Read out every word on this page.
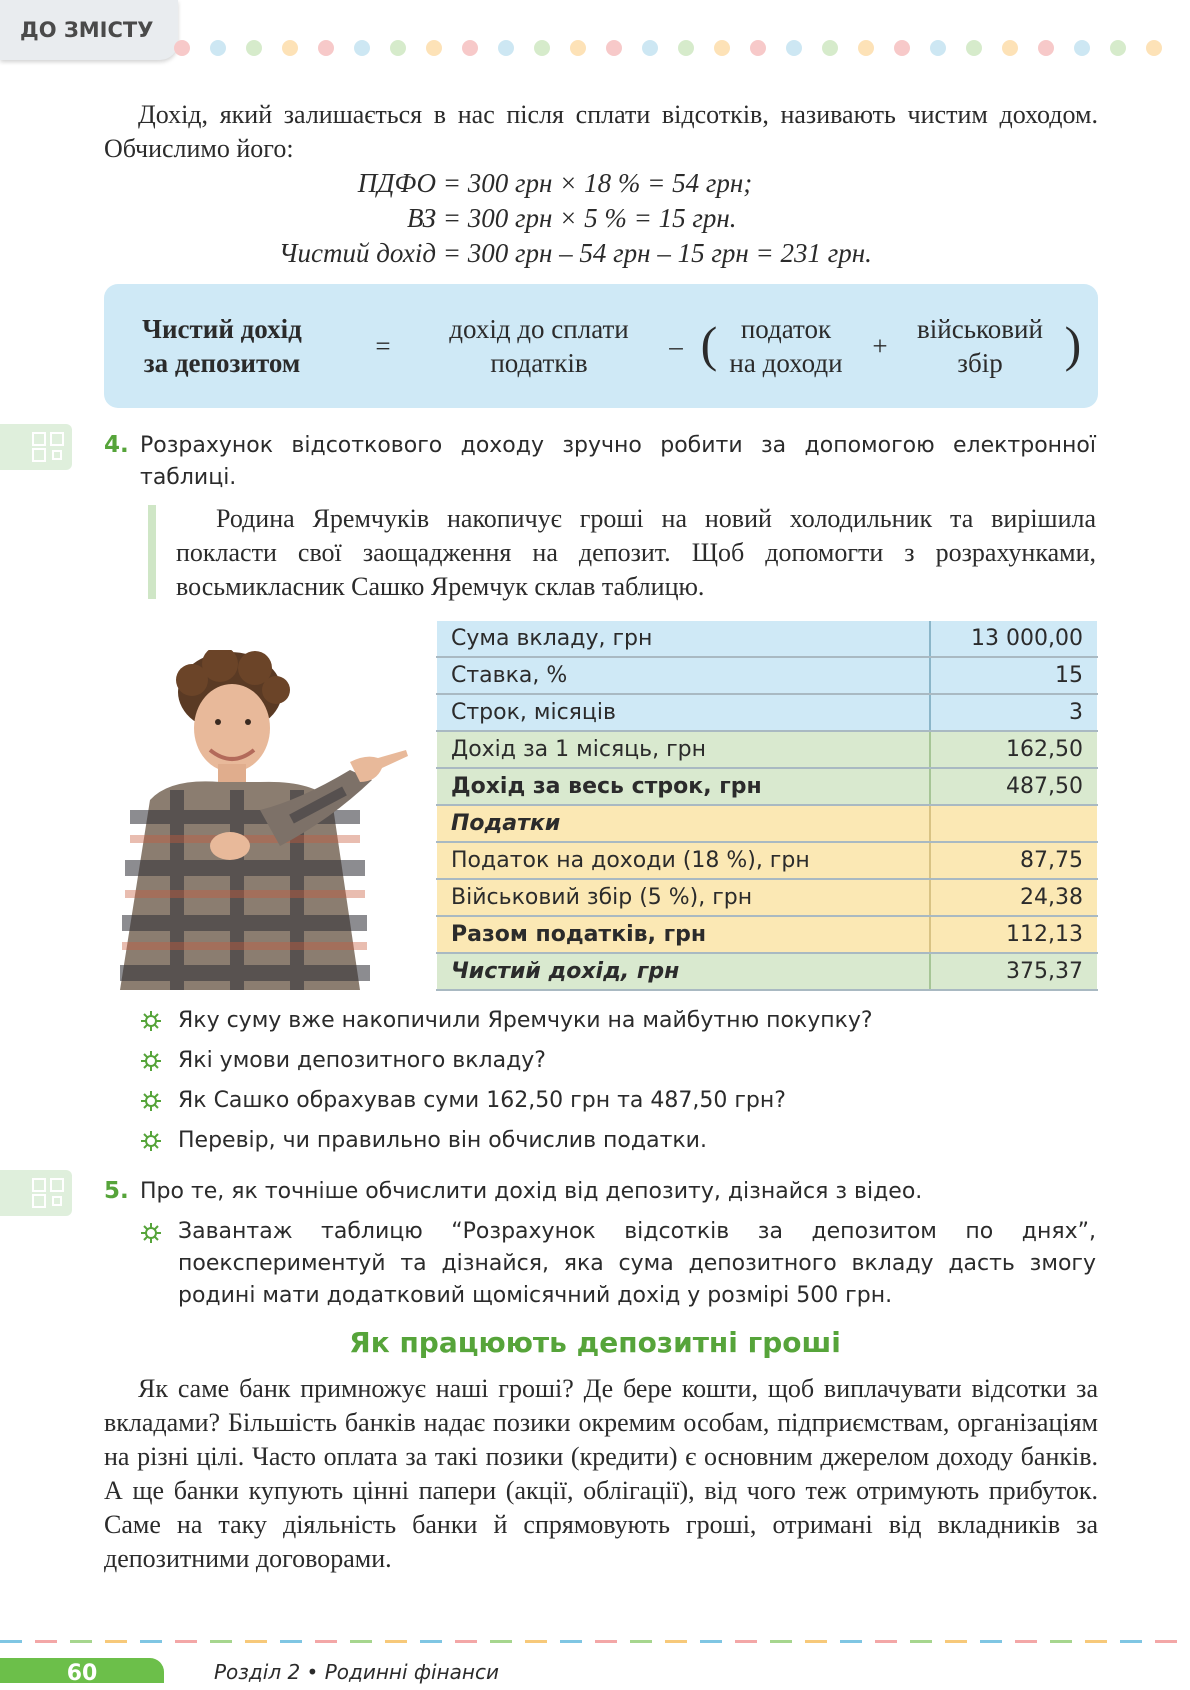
ДО ЗМІСТУ
Дохід, який залишається в нас після сплати відсотків, називають чистим доходом. Обчислимо його:
ПДФО = 300 грн × 18 % = 54 грн;
ВЗ = 300 грн × 5 % = 15 грн.
Чистий дохід = 300 грн – 54 грн – 15 грн = 231 грн.
Чистий дохід
за депозитом
=
дохід до сплати
податків
– ( податок
на доходи
+
військовий
збір	)
4. Розрахунок відсоткового доходу зручно робити за допомогою електронної таблиці.
Родина Яремчуків накопичує гроші на новий холодильник та вирішила покласти свої заощадження на депозит. Щоб допомогти з розрахунками, восьмикласник Сашко Яремчук склав таблицю.
Сума вкладу, грн	13 000,00
Ставка, %	15
Строк, місяців	3
Дохід за 1 місяць, грн	162,50
Дохід за весь строк, грн	487,50
Податки	
Податок на доходи (18 %), грн	87,75
Військовий збір (5 %), грн	24,38
Разом податків, грн	112,13
Чистий дохід, грн	375,37
Яку суму вже накопичили Яремчуки на майбутню покупку?
Які умови депозитного вкладу?
Як Сашко обрахував суми 162,50 грн та 487,50 грн?
Перевір, чи правильно він обчислив податки.
5. Про те, як точніше обчислити дохід від депозиту, дізнайся з відео.
Завантаж таблицю “Розрахунок відсотків за депозитом по днях”, поекспериментуй та дізнайся, яка сума депозитного вкладу дасть змогу родині мати додатковий щомісячний дохід у розмірі 500 грн.
Як працюють депозитні гроші
Як саме банк примножує наші гроші? Де бере кошти, щоб виплачувати відсотки за вкладами? Більшість банків надає позики окремим особам, підприємствам, організаціям на різні цілі. Часто оплата за такі позики (кредити) є основним джерелом доходу банків. А ще банки купують цінні папери (акції, облігації), від чого теж отримують прибуток. Саме на таку діяльність банки й спрямовують гроші, отримані від вкладників за депозитними договорами.
60	Розділ 2 • Родинні фінанси
